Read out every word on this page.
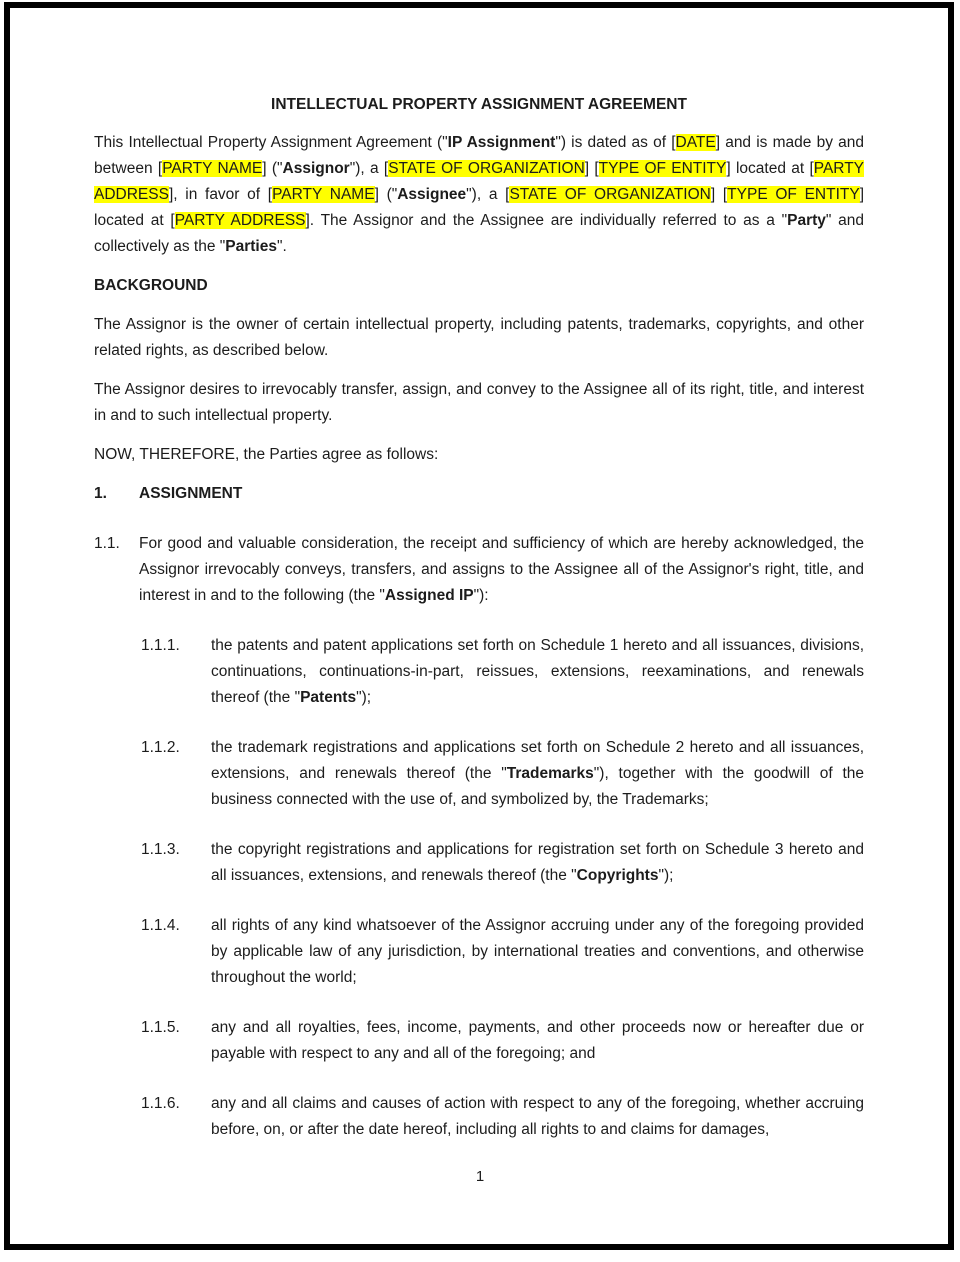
INTELLECTUAL PROPERTY ASSIGNMENT AGREEMENT

This Intellectual Property Assignment Agreement ("IP Assignment") is dated as of [DATE] and is made by and between [PARTY NAME] ("Assignor"), a [STATE OF ORGANIZATION] [TYPE OF ENTITY] located at [PARTY ADDRESS], in favor of [PARTY NAME] ("Assignee"), a [STATE OF ORGANIZATION] [TYPE OF ENTITY] located at [PARTY ADDRESS]. The Assignor and the Assignee are individually referred to as a "Party" and collectively as the "Parties".

BACKGROUND

The Assignor is the owner of certain intellectual property, including patents, trademarks, copyrights, and other related rights, as described below.

The Assignor desires to irrevocably transfer, assign, and convey to the Assignee all of its right, title, and interest in and to such intellectual property.

NOW, THEREFORE, the Parties agree as follows:

1.	ASSIGNMENT
1.1.	For good and valuable consideration, the receipt and sufficiency of which are hereby acknowledged, the Assignor irrevocably conveys, transfers, and assigns to the Assignee all of the Assignor's right, title, and interest in and to the following (the "Assigned IP"):
1.1.1.	the patents and patent applications set forth on Schedule 1 hereto and all issuances, divisions, continuations, continuations-in-part, reissues, extensions, reexaminations, and renewals thereof (the "Patents");
1.1.2.	the trademark registrations and applications set forth on Schedule 2 hereto and all issuances, extensions, and renewals thereof (the "Trademarks"), together with the goodwill of the business connected with the use of, and symbolized by, the Trademarks;
1.1.3.	the copyright registrations and applications for registration set forth on Schedule 3 hereto and all issuances, extensions, and renewals thereof (the "Copyrights");
1.1.4.	all rights of any kind whatsoever of the Assignor accruing under any of the foregoing provided by applicable law of any jurisdiction, by international treaties and conventions, and otherwise throughout the world;
1.1.5.	any and all royalties, fees, income, payments, and other proceeds now or hereafter due or payable with respect to any and all of the foregoing; and
1.1.6.	any and all claims and causes of action with respect to any of the foregoing, whether accruing before, on, or after the date hereof, including all rights to and claims for damages,
1
